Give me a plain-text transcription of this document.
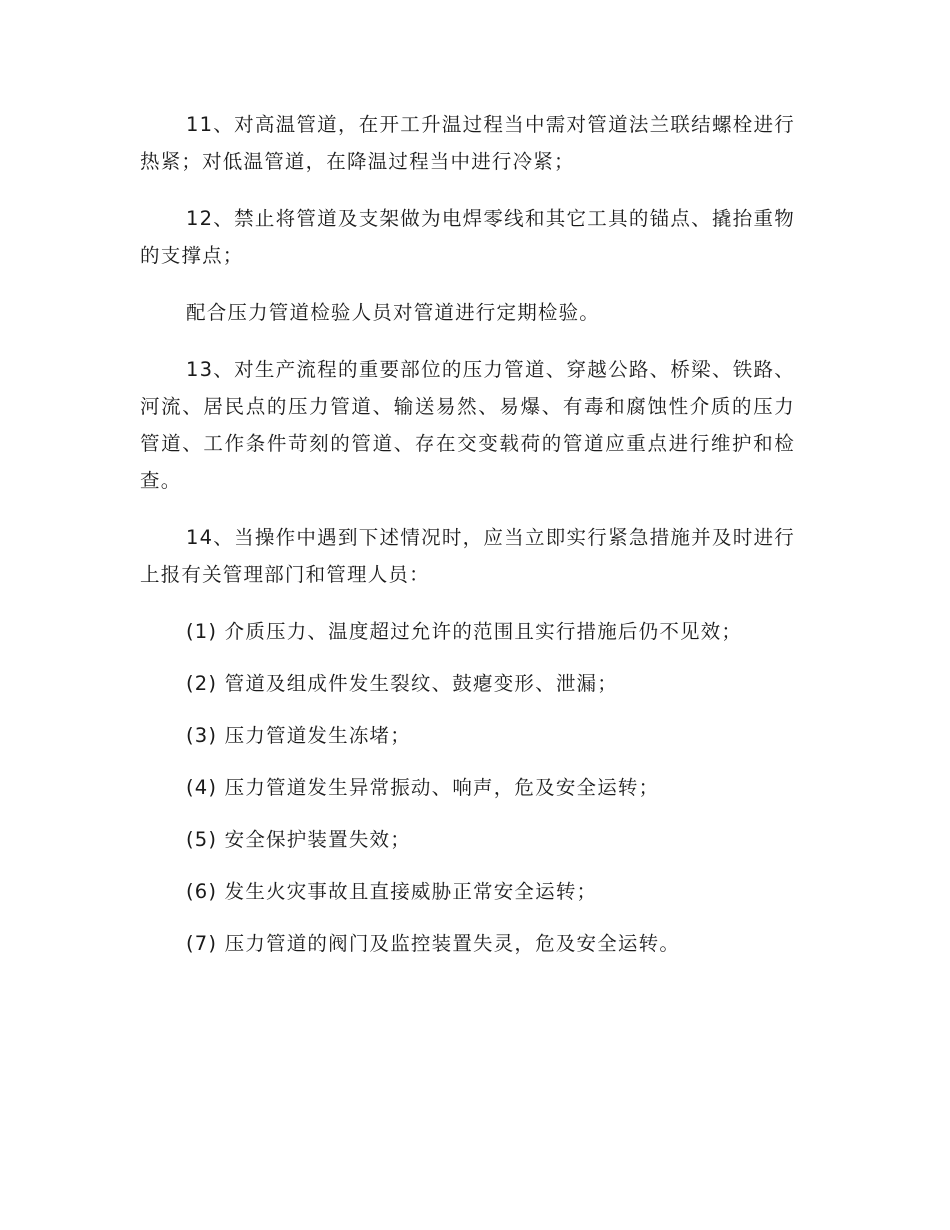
11、对高温管道，在开工升温过程当中需对管道法兰联结螺栓进行热紧；对低温管道，在降温过程当中进行冷紧；

12、禁止将管道及支架做为电焊零线和其它工具的锚点、撬抬重物的支撑点；

配合压力管道检验人员对管道进行定期检验。

13、对生产流程的重要部位的压力管道、穿越公路、桥梁、铁路、河流、居民点的压力管道、输送易然、易爆、有毒和腐蚀性介质的压力管道、工作条件苛刻的管道、存在交变载荷的管道应重点进行维护和检查。

14、当操作中遇到下述情况时，应当立即实行紧急措施并及时进行上报有关管理部门和管理人员：

(1) 介质压力、温度超过允许的范围且实行措施后仍不见效；

(2) 管道及组成件发生裂纹、鼓瘪变形、泄漏；

(3) 压力管道发生冻堵；

(4) 压力管道发生异常振动、响声，危及安全运转；

(5) 安全保护装置失效；

(6) 发生火灾事故且直接威胁正常安全运转；

(7) 压力管道的阀门及监控装置失灵，危及安全运转。
